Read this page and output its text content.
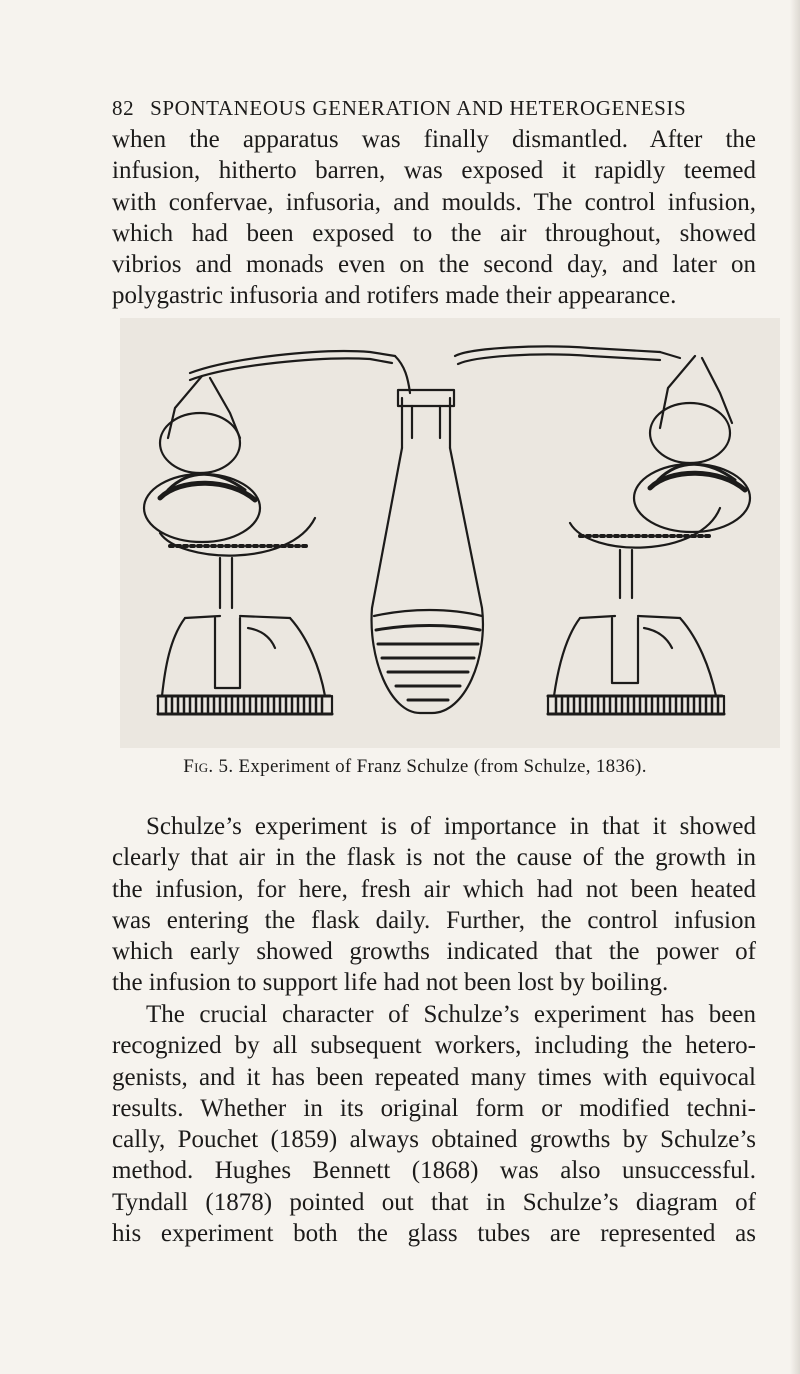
82 SPONTANEOUS GENERATION AND HETEROGENESIS

when the apparatus was finally dismantled. After the
infusion, hitherto barren, was exposed it rapidly teemed
with confervae, infusoria, and moulds. The control infusion,
which had been exposed to the air throughout, showed
vibrios and monads even on the second day, and later on
polygastric infusoria and rotifers made their appearance.

Fig. 5. Experiment of Franz Schulze (from Schulze, 1836).

Schulze’s experiment is of importance in that it showed
clearly that air in the flask is not the cause of the growth in
the infusion, for here, fresh air which had not been heated
was entering the flask daily. Further, the control infusion
which early showed growths indicated that the power of
the infusion to support life had not been lost by boiling.

The crucial character of Schulze’s experiment has been
recognized by all subsequent workers, including the hetero-
genists, and it has been repeated many times with equivocal
results. Whether in its original form or modified techni-
cally, Pouchet (1859) always obtained growths by Schulze’s
method. Hughes Bennett (1868) was also unsuccessful.
Tyndall (1878) pointed out that in Schulze’s diagram of
his experiment both the glass tubes are represented as
